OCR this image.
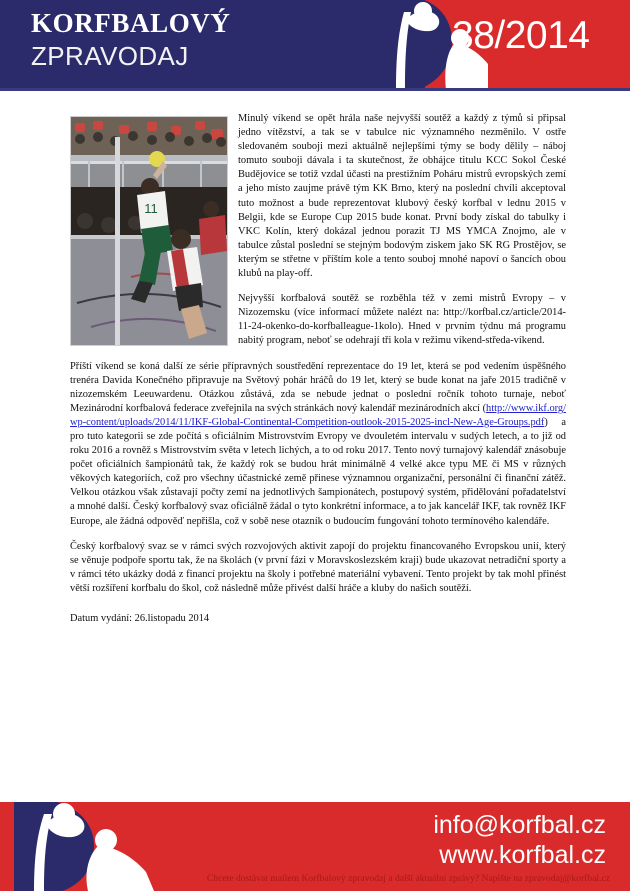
KORFBALOVÝ
ZPRAVODAJ	38/2014
11

Minulý víkend se opět hrála naše nejvyšší soutěž a každý z týmů si připsal jedno vítězství, a tak se v tabulce nic významného nezměnilo. V ostře sledovaném souboji mezi aktuálně nejlepšími týmy se body dělily – náboj tomuto souboji dávala i ta skutečnost, že obhájce titulu KCC Sokol České Budějovice se totiž vzdal účasti na prestižním Poháru mistrů evropských zemí a jeho místo zaujme právě tým KK Brno, který na poslední chvíli akceptoval tuto možnost a bude reprezentovat klubový český korfbal v lednu 2015 v Belgii, kde se Europe Cup 2015 bude konat. První body získal do tabulky i VKC Kolín, který dokázal jednou porazit TJ MS YMCA Znojmo, ale v tabulce zůstal poslední se stejným bodovým ziskem jako SK RG Prostějov, se kterým se střetne v příštím kole a tento souboj mnohé napoví o šancích obou klubů na play-off.

Nejvyšší korfbalová soutěž se rozběhla též v zemi mistrů Evropy – v Nizozemsku (více informací můžete nalézt na: http://korfbal.cz/article/2014-11-24-okenko-do-korfballeague-1kolo). Hned v prvním týdnu má programu nabitý program, neboť se odehrají tři kola v režimu víkend-středa-víkend.

Příští víkend se koná další ze série přípravných soustředění reprezentace do 19 let, která se pod vedením úspěšného trenéra Davida Konečného připravuje na Světový pohár hráčů do 19 let, který se bude konat na jaře 2015 tradičně v nizozemském Leeuwardenu. Otázkou zůstává, zda se nebude jednat o poslední ročník tohoto turnaje, neboť Mezinárodní korfbalová federace zveřejnila na svých stránkách nový kalendář mezinárodních akcí (http://www.ikf.org/wp-content/uploads/2014/11/IKF-Global-Continental-Competition-outlook-2015-2025-incl-New-Age-Groups.pdf) a pro tuto kategorii se zde počítá s oficiálním Mistrovstvím Evropy ve dvouletém intervalu v sudých letech, a to již od roku 2016 a rovněž s Mistrovstvím světa v letech lichých, a to od roku 2017. Tento nový turnajový kalendář znásobuje počet oficiálních šampionátů tak, že každý rok se budou hrát minimálně 4 velké akce typu ME či MS v různých věkových kategoriích, což pro všechny účastnické země přinese významnou organizační, personální či finanční zátěž. Velkou otázkou však zůstavají počty zemí na jednotlivých šampionátech, postupový systém, přidělování pořadatelství a mnohé další. Český korfbalový svaz oficiálně žádal o tyto konkrétní informace, a to jak kancelář IKF, tak rovněž IKF Europe, ale žádná odpověď nepřišla, což v sobě nese otazník o budoucím fungování tohoto termínového kalendáře.

Český korfbalový svaz se v rámci svých rozvojových aktivit zapojí do projektu financovaného Evropskou unií, který se věnuje podpoře sportu tak, že na školách (v první fázi v Moravskoslezském kraji) bude ukazovat netradiční sporty a v rámci této ukázky dodá z financí projektu na školy i potřebné materiální vybavení. Tento projekt by tak mohl přinést větší rozšíření korfbalu do škol, což následně může přivést další hráče a kluby do našich soutěží.

Datum vydání: 26.listopadu 2014
info@korfbal.cz
www.korfbal.cz
Chcete dostávat mailem Korfbalový zpravodaj a další aktuální zprávy? Napište na zpravodaj@korfbal.cz
